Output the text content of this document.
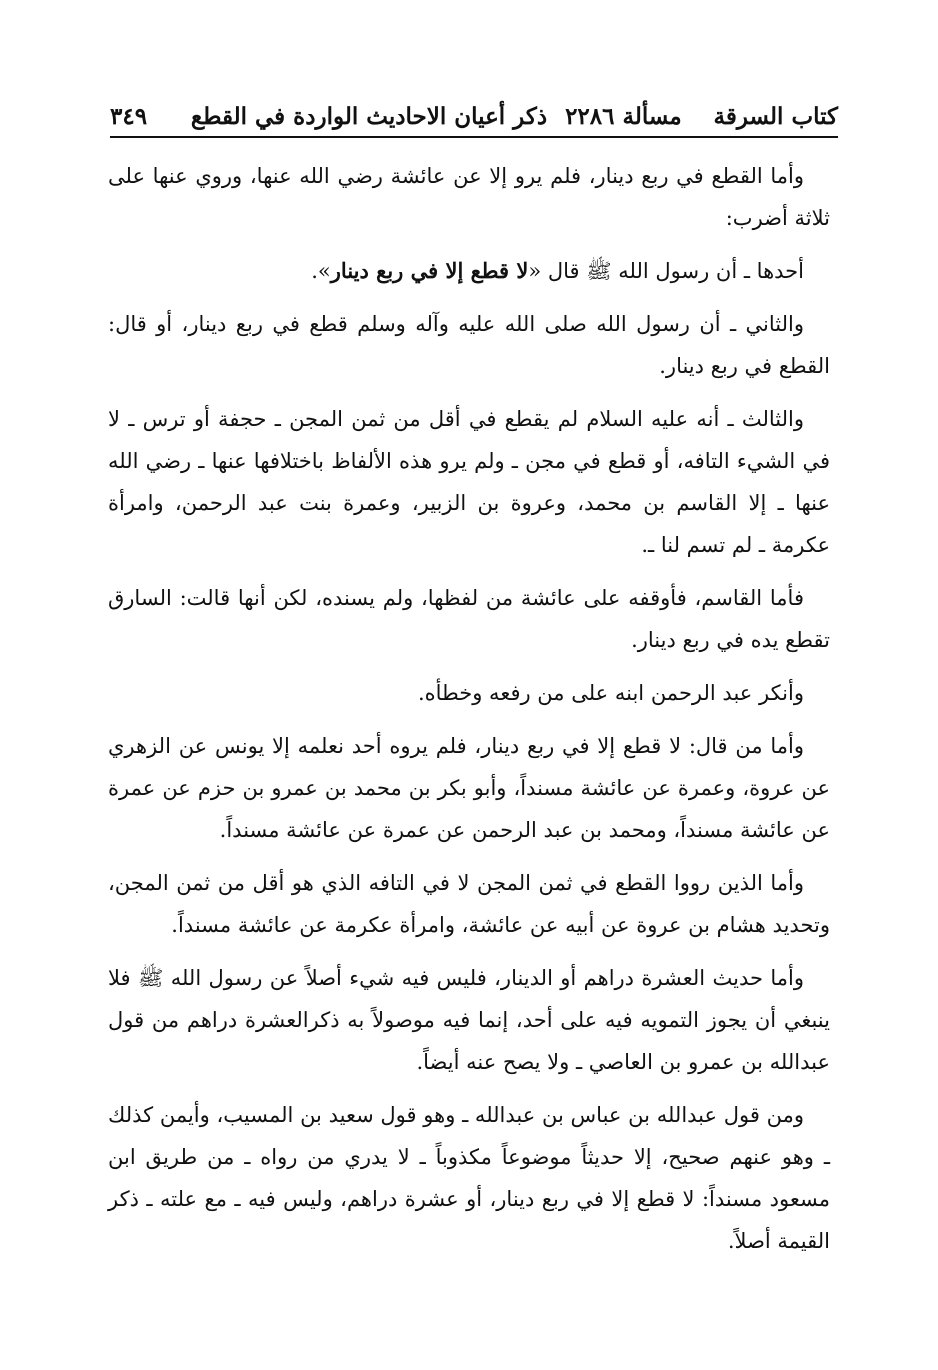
كتاب السرقة
مسألة ٢٢٨٦
ذكر أعيان الاحاديث الواردة في القطع
٣٤٩

وأما القطع في ربع دينار، فلم يرو إلا عن عائشة رضي الله عنها، وروي عنها على ثلاثة أضرب:

أحدها ـ أن رسول الله ﷺ قال «لا قطع إلا في ربع دينار».

والثاني ـ أن رسول الله صلى الله عليه وآله وسلم قطع في ربع دينار، أو قال: القطع في ربع دينار.

والثالث ـ أنه عليه السلام لم يقطع في أقل من ثمن المجن ـ حجفة أو ترس ـ لا في الشيء التافه، أو قطع في مجن ـ ولم يرو هذه الألفاظ باختلافها عنها ـ رضي الله عنها ـ إلا القاسم بن محمد، وعروة بن الزبير، وعمرة بنت عبد الرحمن، وامرأة عكرمة ـ لم تسم لنا ـ.

فأما القاسم، فأوقفه على عائشة من لفظها، ولم يسنده، لكن أنها قالت: السارق تقطع يده في ربع دينار.

وأنكر عبد الرحمن ابنه على من رفعه وخطأه.

وأما من قال: لا قطع إلا في ربع دينار، فلم يروه أحد نعلمه إلا يونس عن الزهري عن عروة، وعمرة عن عائشة مسنداً، وأبو بكر بن محمد بن عمرو بن حزم عن عمرة عن عائشة مسنداً، ومحمد بن عبد الرحمن عن عمرة عن عائشة مسنداً.

وأما الذين رووا القطع في ثمن المجن لا في التافه الذي هو أقل من ثمن المجن، وتحديد هشام بن عروة عن أبيه عن عائشة، وامرأة عكرمة عن عائشة مسنداً.

وأما حديث العشرة دراهم أو الدينار، فليس فيه شيء أصلاً عن رسول الله ﷺ فلا ينبغي أن يجوز التمويه فيه على أحد، إنما فيه موصولاً به ذكرالعشرة دراهم من قول عبدالله بن عمرو بن العاصي ـ ولا يصح عنه أيضاً.

ومن قول عبدالله بن عباس بن عبدالله ـ وهو قول سعيد بن المسيب، وأيمن كذلك ـ وهو عنهم صحيح، إلا حديثاً موضوعاً مكذوباً ـ لا يدري من رواه ـ من طريق ابن مسعود مسنداً: لا قطع إلا في ربع دينار، أو عشرة دراهم، وليس فيه ـ مع علته ـ ذكر القيمة أصلاً.
